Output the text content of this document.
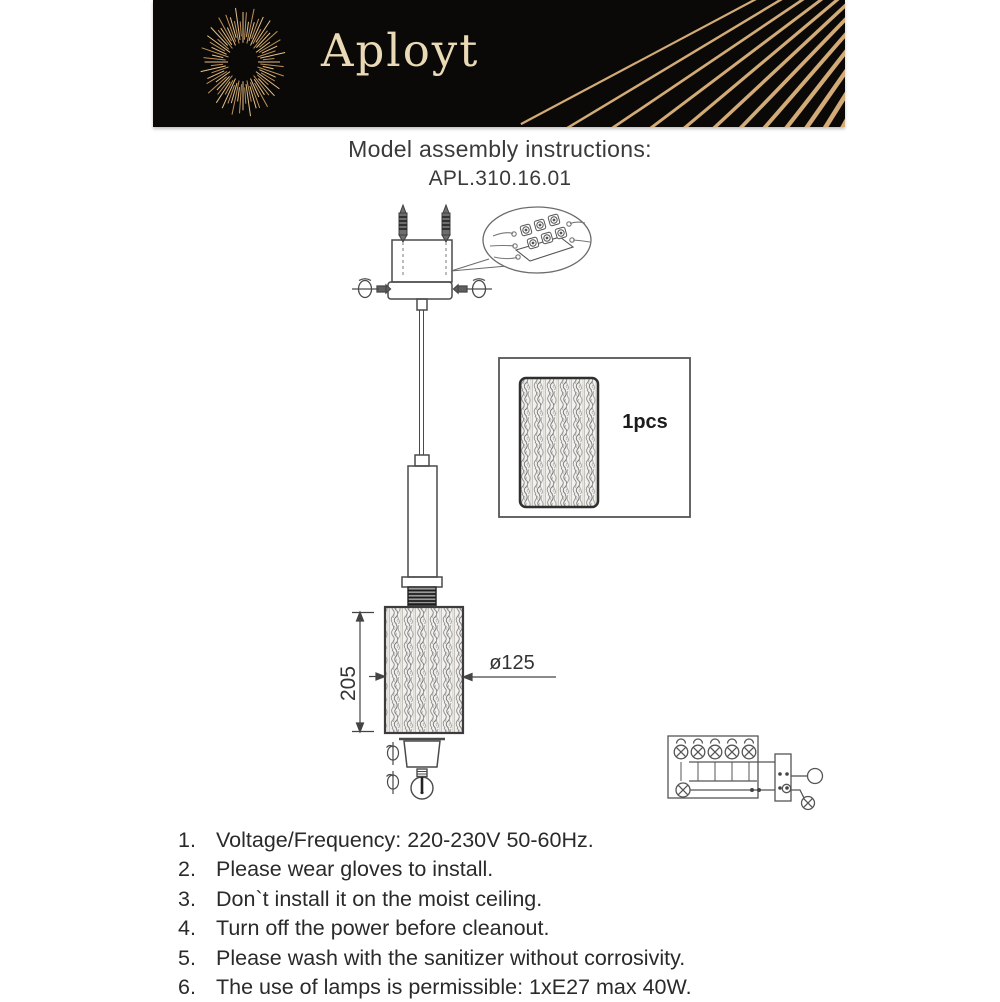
Aployt
Model assembly instructions:
APL.310.16.01
205
ø125
1pcs
1. Voltage/Frequency: 220-230V 50-60Hz.
2. Please wear gloves to install.
3. Don`t install it on the moist ceiling.
4. Turn off the power before cleanout.
5. Please wash with the sanitizer without corrosivity.
6. The use of lamps is permissible: 1xE27 max 40W.
